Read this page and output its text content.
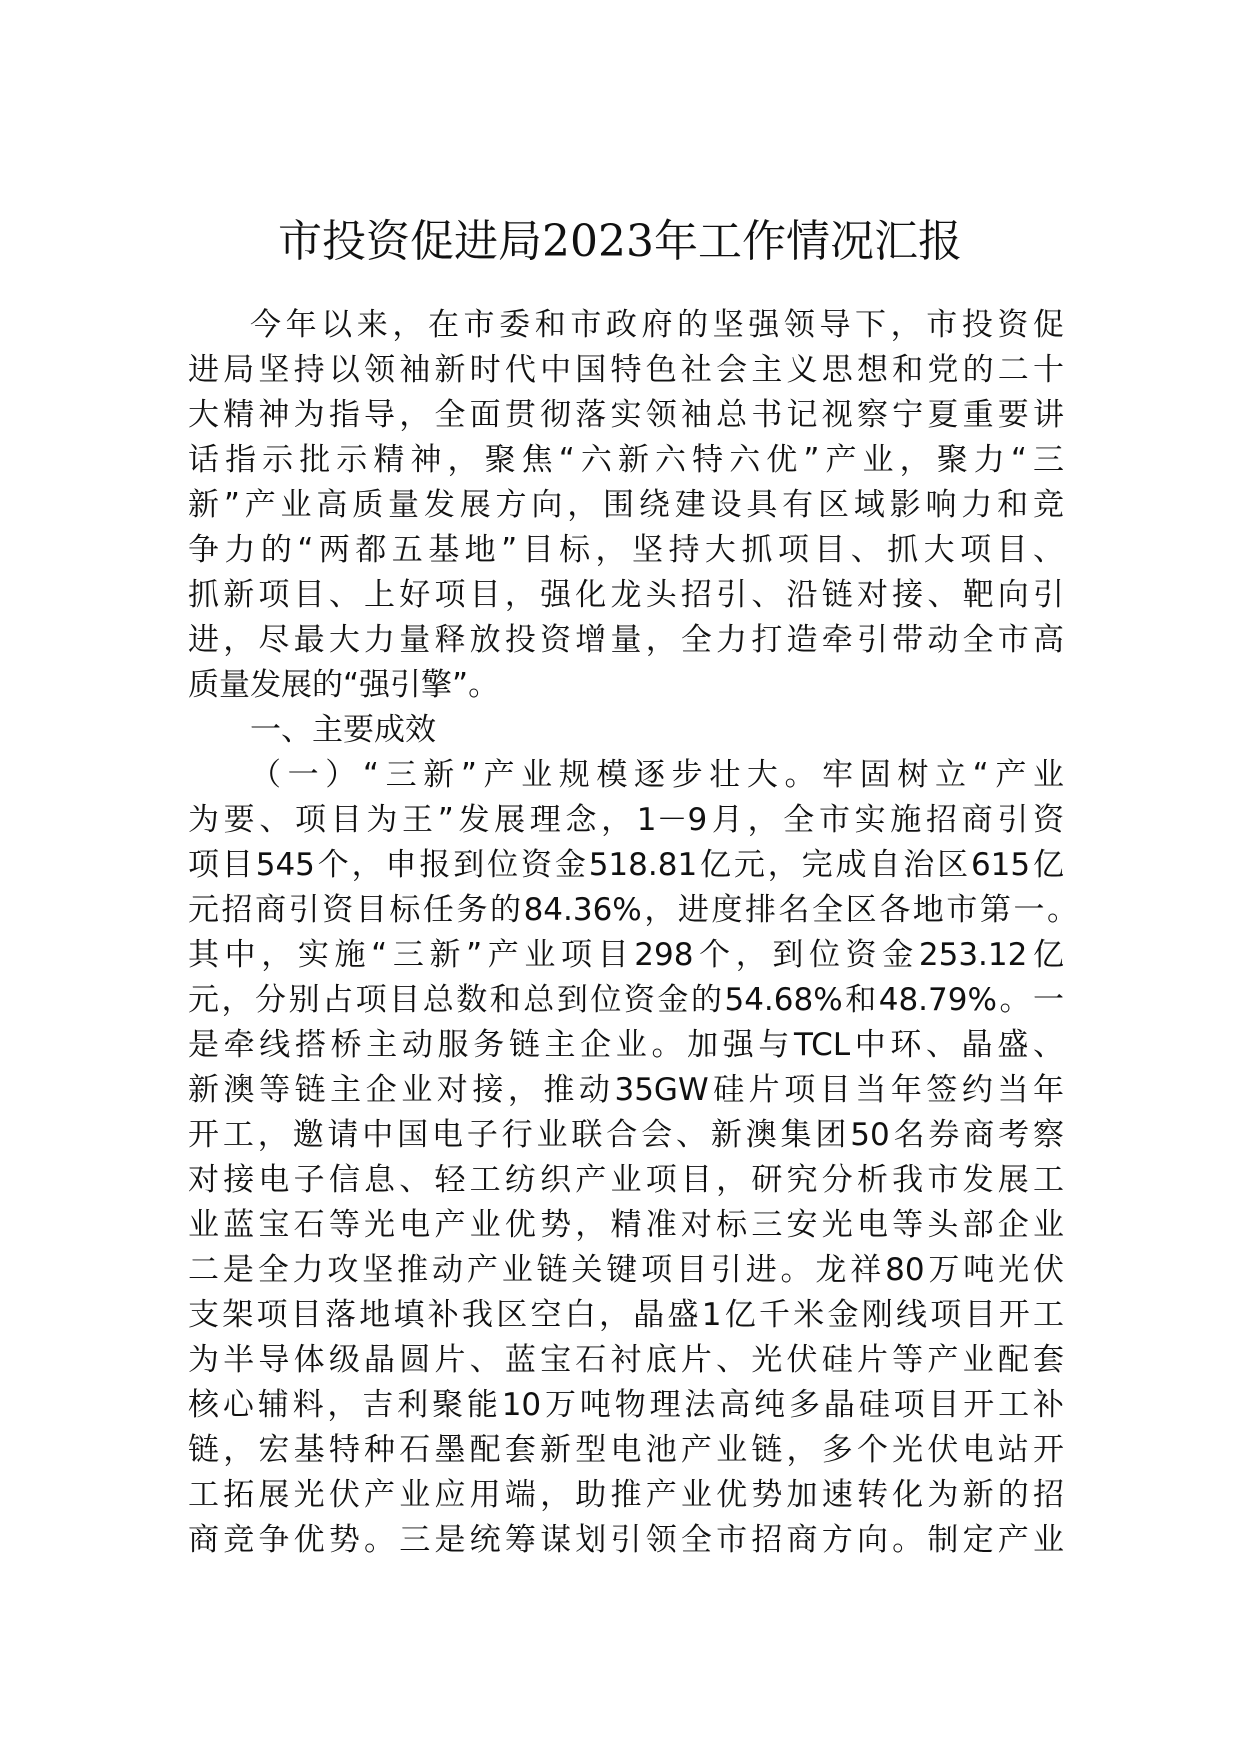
市投资促进局2023年工作情况汇报

今年以来，在市委和市政府的坚强领导下，市投资促

进局坚持以领袖新时代中国特色社会主义思想和党的二十

大精神为指导，全面贯彻落实领袖总书记视察宁夏重要讲

话指示批示精神，聚焦“六新六特六优”产业，聚力“三

新”产业高质量发展方向，围绕建设具有区域影响力和竞

争力的“两都五基地”目标，坚持大抓项目、抓大项目、

抓新项目、上好项目，强化龙头招引、沿链对接、靶向引

进，尽最大力量释放投资增量，全力打造牵引带动全市高

质量发展的“强引擎”。

一、主要成效

（一）“三新”产业规模逐步壮大。牢固树立“产业

为要、项目为王”发展理念，1－9月，全市实施招商引资

项目545个，申报到位资金518.81亿元，完成自治区615亿

元招商引资目标任务的84.36%，进度排名全区各地市第一。

其中，实施“三新”产业项目298个，到位资金253.12亿

元，分别占项目总数和总到位资金的54.68%和48.79%。一

是牵线搭桥主动服务链主企业。加强与TCL中环、晶盛、

新澳等链主企业对接，推动35GW硅片项目当年签约当年

开工，邀请中国电子行业联合会、新澳集团50名券商考察

对接电子信息、轻工纺织产业项目，研究分析我市发展工

业蓝宝石等光电产业优势，精准对标三安光电等头部企业

二是全力攻坚推动产业链关键项目引进。龙祥80万吨光伏

支架项目落地填补我区空白，晶盛1亿千米金刚线项目开工

为半导体级晶圆片、蓝宝石衬底片、光伏硅片等产业配套

核心辅料，吉利聚能10万吨物理法高纯多晶硅项目开工补

链，宏基特种石墨配套新型电池产业链，多个光伏电站开

工拓展光伏产业应用端，助推产业优势加速转化为新的招

商竞争优势。三是统筹谋划引领全市招商方向。制定产业
